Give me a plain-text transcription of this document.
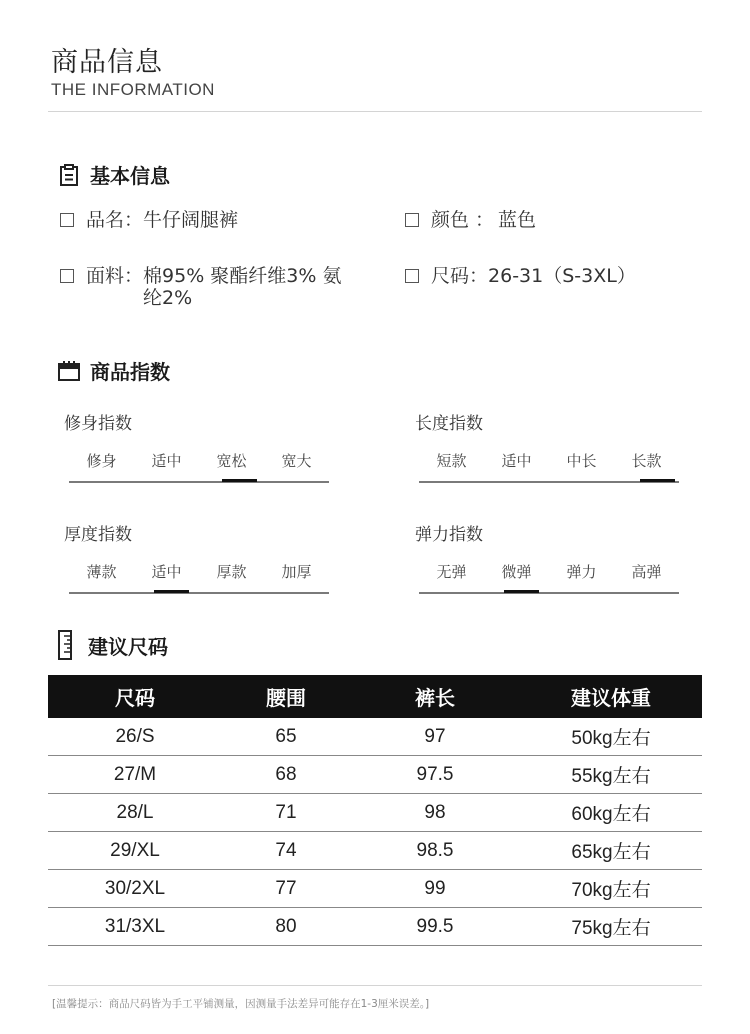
商品信息
THE INFORMATION
基本信息
品名： 牛仔阔腿裤	颜色 ： 蓝色
面料： 棉95% 聚酯纤维3% 氨纶2%
尺码： 26-31（S-3XL）
商品指数
修身指数
修身	适中	宽松	宽大
长度指数
短款	适中	中长	长款
厚度指数
薄款	适中	厚款	加厚
弹力指数
无弹	微弹	弹力	高弹
建议尺码
尺码	腰围	裤长	建议体重
26/S	65	97	50kg左右
27/M	68	97.5	55kg左右
28/L	71	98	60kg左右
29/XL	74	98.5	65kg左右
30/2XL	77	99	70kg左右
31/3XL	80	99.5	75kg左右
[温馨提示：商品尺码皆为手工平铺测量，因测量手法差异可能存在1-3厘米误差。]
